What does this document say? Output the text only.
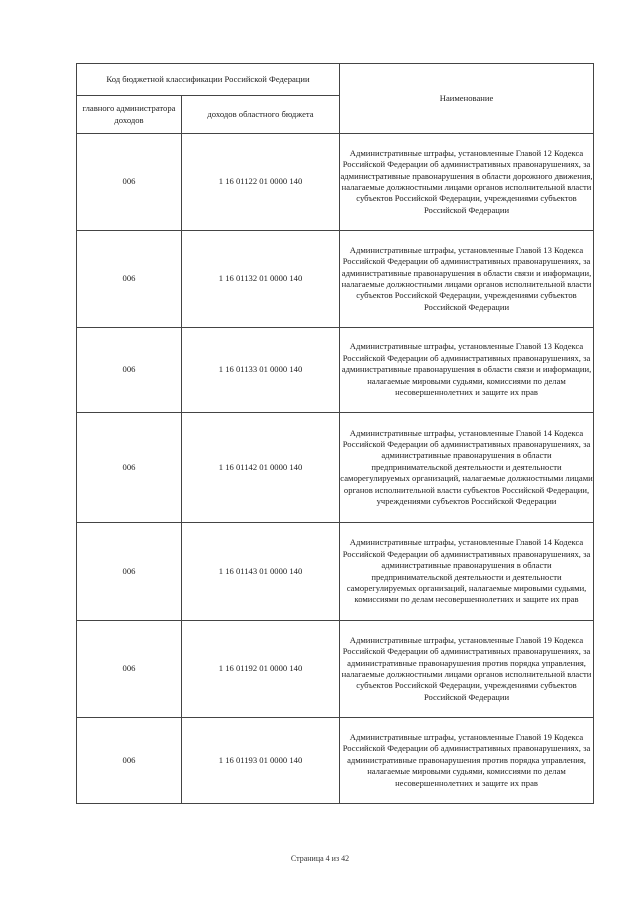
Код бюджетной классификации Российской Федерации		Наименование
главного администратора доходов	доходов областного бюджета	
006	1 16 01122 01 0000 140	Административные штрафы, установленные Главой 12 Кодекса Российской Федерации об административных правонарушениях, за административные правонарушения в области дорожного движения, налагаемые должностными лицами органов исполнительной власти субъектов Российской Федерации, учреждениями субъектов Российской Федерации
006	1 16 01132 01 0000 140	Административные штрафы, установленные Главой 13 Кодекса Российской Федерации об административных правонарушениях, за административные правонарушения в области связи и информации, налагаемые должностными лицами органов исполнительной власти субъектов Российской Федерации, учреждениями субъектов Российской Федерации
006	1 16 01133 01 0000 140	Административные штрафы, установленные Главой 13 Кодекса Российской Федерации об административных правонарушениях, за административные правонарушения в области связи и информации, налагаемые мировыми судьями, комиссиями по делам несовершеннолетних и защите их прав
006	1 16 01142 01 0000 140	Административные штрафы, установленные Главой 14 Кодекса Российской Федерации об административных правонарушениях, за административные правонарушения в области предпринимательской деятельности и деятельности саморегулируемых организаций, налагаемые должностными лицами органов исполнительной власти субъектов Российской Федерации, учреждениями субъектов Российской Федерации
006	1 16 01143 01 0000 140	Административные штрафы, установленные Главой 14 Кодекса Российской Федерации об административных правонарушениях, за административные правонарушения в области предпринимательской деятельности и деятельности саморегулируемых организаций, налагаемые мировыми судьями, комиссиями по делам несовершеннолетних и защите их прав
006	1 16 01192 01 0000 140	Административные штрафы, установленные Главой 19 Кодекса Российской Федерации об административных правонарушениях, за административные правонарушения против порядка управления, налагаемые должностными лицами органов исполнительной власти субъектов Российской Федерации, учреждениями субъектов Российской Федерации
006	1 16 01193 01 0000 140	Административные штрафы, установленные Главой 19 Кодекса Российской Федерации об административных правонарушениях, за административные правонарушения против порядка управления, налагаемые мировыми судьями, комиссиями по делам несовершеннолетних и защите их прав
Страница 4 из 42
